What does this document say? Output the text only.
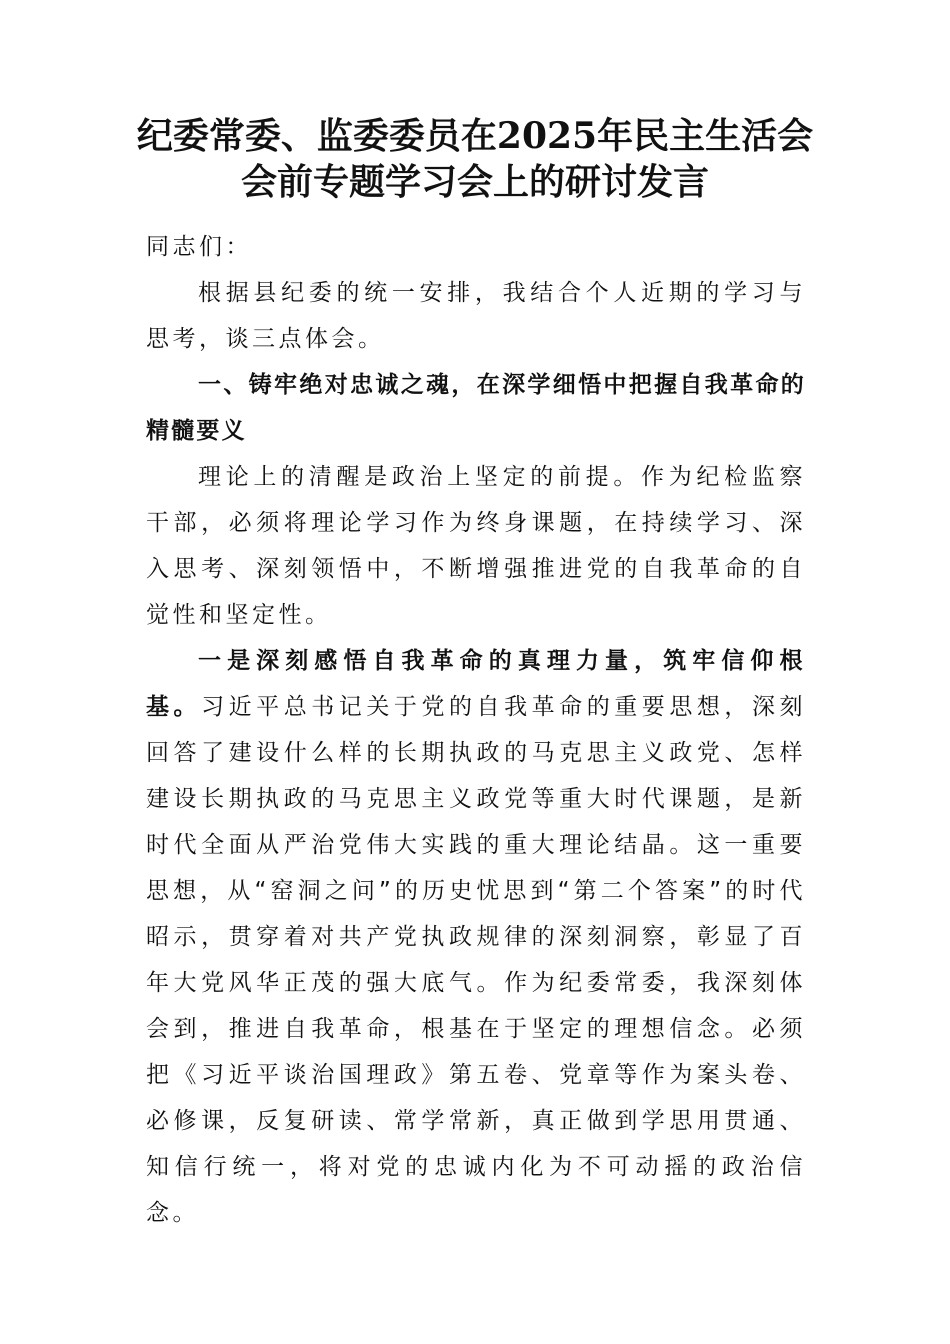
纪委常委、监委委员在2025年民主生活会
会前专题学习会上的研讨发言

同志们：

根据县纪委的统一安排，我结合个人近期的学习与思考，谈三点体会。

一、铸牢绝对忠诚之魂，在深学细悟中把握自我革命的精髓要义

理论上的清醒是政治上坚定的前提。作为纪检监察干部，必须将理论学习作为终身课题，在持续学习、深入思考、深刻领悟中，不断增强推进党的自我革命的自觉性和坚定性。

一是深刻感悟自我革命的真理力量，筑牢信仰根基。习近平总书记关于党的自我革命的重要思想，深刻回答了建设什么样的长期执政的马克思主义政党、怎样建设长期执政的马克思主义政党等重大时代课题，是新时代全面从严治党伟大实践的重大理论结晶。这一重要思想，从“窑洞之问”的历史忧思到“第二个答案”的时代昭示，贯穿着对共产党执政规律的深刻洞察，彰显了百年大党风华正茂的强大底气。作为纪委常委，我深刻体会到，推进自我革命，根基在于坚定的理想信念。必须把《习近平谈治国理政》第五卷、党章等作为案头卷、必修课，反复研读、常学常新，真正做到学思用贯通、知信行统一，将对党的忠诚内化为不可动摇的政治信念。
